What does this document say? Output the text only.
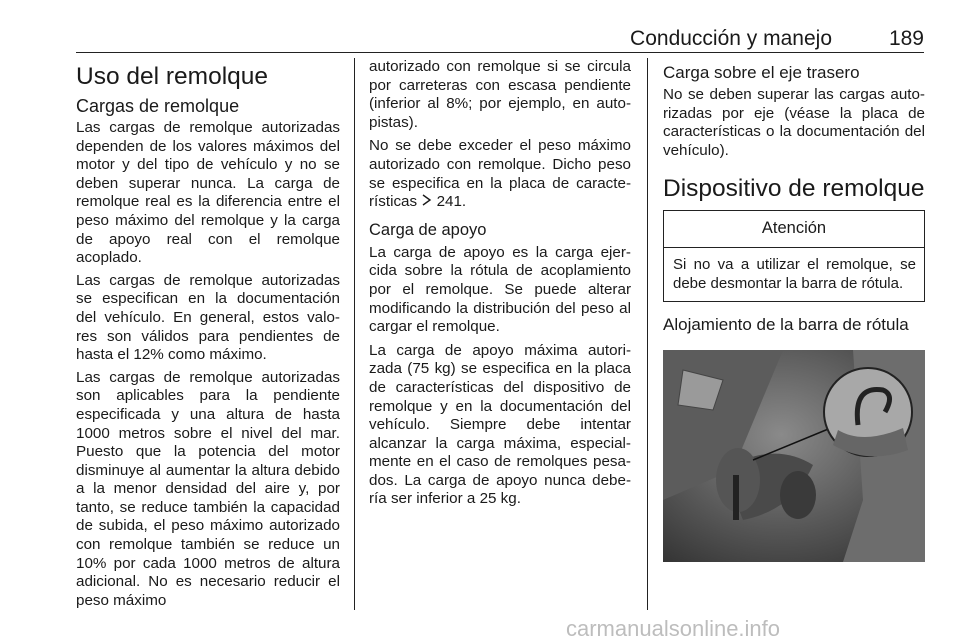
Conducción y manejo	189
Uso del remolque
Cargas de remolque

Las cargas de remolque autorizadas dependen de los valores máximos del motor y del tipo de vehículo y no se deben superar nunca. La carga de remolque real es la diferencia entre el peso máximo del remolque y la carga de apoyo real con el remolque acoplado.

Las cargas de remolque autorizadas se especifican en la documentación del vehículo. En general, estos valo- res son válidos para pendientes de hasta el 12% como máximo.

Las cargas de remolque autorizadas son aplicables para la pendiente especificada y una altura de hasta 1000 metros sobre el nivel del mar. Puesto que la potencia del motor disminuye al aumentar la altura debido a la menor densidad del aire y, por tanto, se reduce también la capacidad de subida, el peso máximo autorizado con remolque también se reduce un 10% por cada 1000 metros de altura adicional. No es necesario reducir el peso máximo

autorizado con remolque si se circula por carreteras con escasa pendiente (inferior al 8%; por ejemplo, en auto- pistas).

No se debe exceder el peso máximo autorizado con remolque. Dicho peso se especifica en la placa de caracte- rísticas 241.

Carga de apoyo

La carga de apoyo es la carga ejer- cida sobre la rótula de acoplamiento por el remolque. Se puede alterar modificando la distribución del peso al cargar el remolque.

La carga de apoyo máxima autori- zada (75 kg) se especifica en la placa de características del dispositivo de remolque y en la documentación del vehículo. Siempre debe intentar alcanzar la carga máxima, especial- mente en el caso de remolques pesa- dos. La carga de apoyo nunca debe- ría ser inferior a 25 kg.

Carga sobre el eje trasero

No se deben superar las cargas auto- rizadas por eje (véase la placa de características o la documentación del vehículo).

Dispositivo de remolque
Atención
Si no va a utilizar el remolque, se debe desmontar la barra de rótula.
Alojamiento de la barra de rótula
carmanualsonline.info
